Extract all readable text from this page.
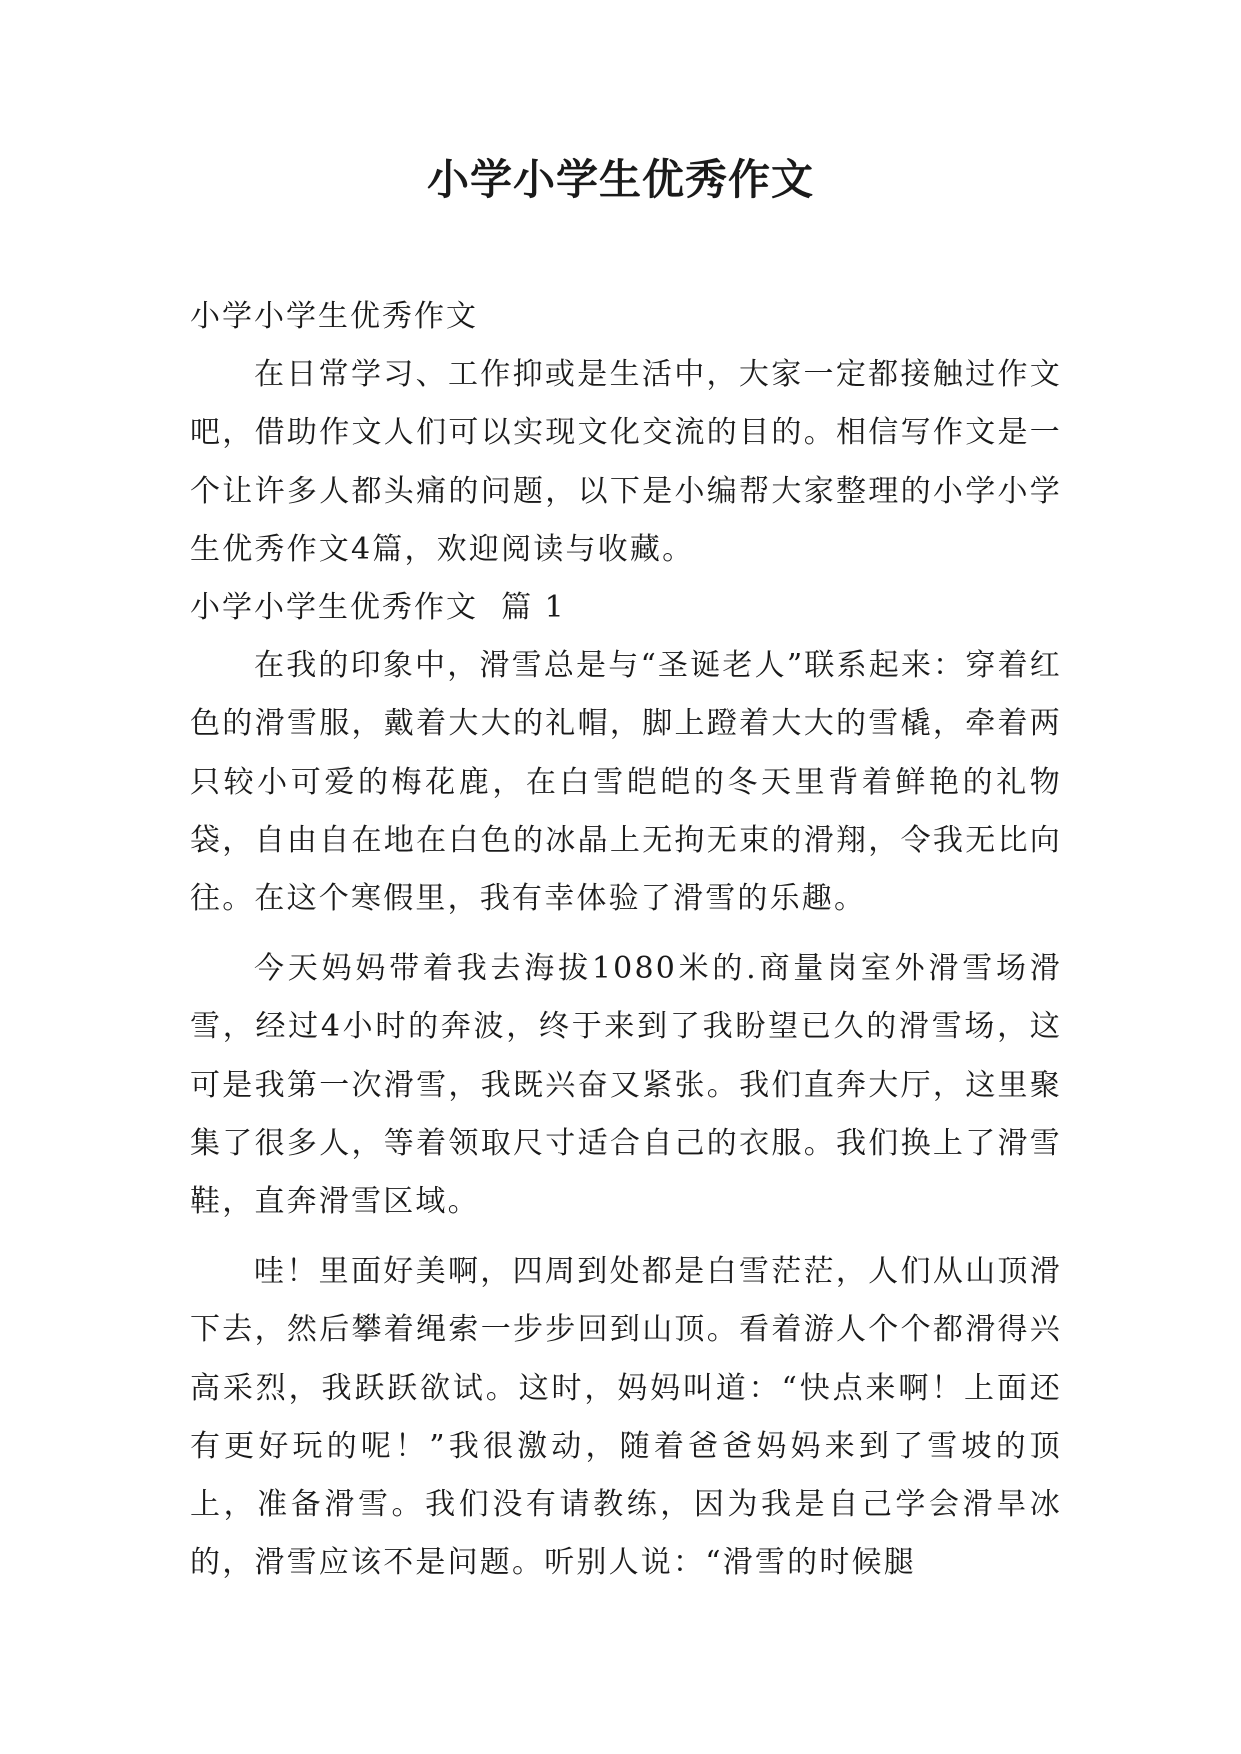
小学小学生优秀作文

小学小学生优秀作文

在日常学习、工作抑或是生活中，大家一定都接触过作文吧，借助作文人们可以实现文化交流的目的。相信写作文是一个让许多人都头痛的问题，以下是小编帮大家整理的小学小学生优秀作文4篇，欢迎阅读与收藏。

小学小学生优秀作文  篇 1

在我的印象中，滑雪总是与“圣诞老人”联系起来：穿着红色的滑雪服，戴着大大的礼帽，脚上蹬着大大的雪橇，牵着两只较小可爱的梅花鹿，在白雪皑皑的冬天里背着鲜艳的礼物袋，自由自在地在白色的冰晶上无拘无束的滑翔，令我无比向往。在这个寒假里，我有幸体验了滑雪的乐趣。

今天妈妈带着我去海拔1080米的.商量岗室外滑雪场滑雪，经过4小时的奔波，终于来到了我盼望已久的滑雪场，这可是我第一次滑雪，我既兴奋又紧张。我们直奔大厅，这里聚集了很多人，等着领取尺寸适合自己的衣服。我们换上了滑雪鞋，直奔滑雪区域。

哇！里面好美啊，四周到处都是白雪茫茫，人们从山顶滑下去，然后攀着绳索一步步回到山顶。看着游人个个都滑得兴高采烈，我跃跃欲试。这时，妈妈叫道：“快点来啊！上面还有更好玩的呢！”我很激动，随着爸爸妈妈来到了雪坡的顶上，准备滑雪。我们没有请教练，因为我是自己学会滑旱冰的，滑雪应该不是问题。听别人说：“滑雪的时候腿
